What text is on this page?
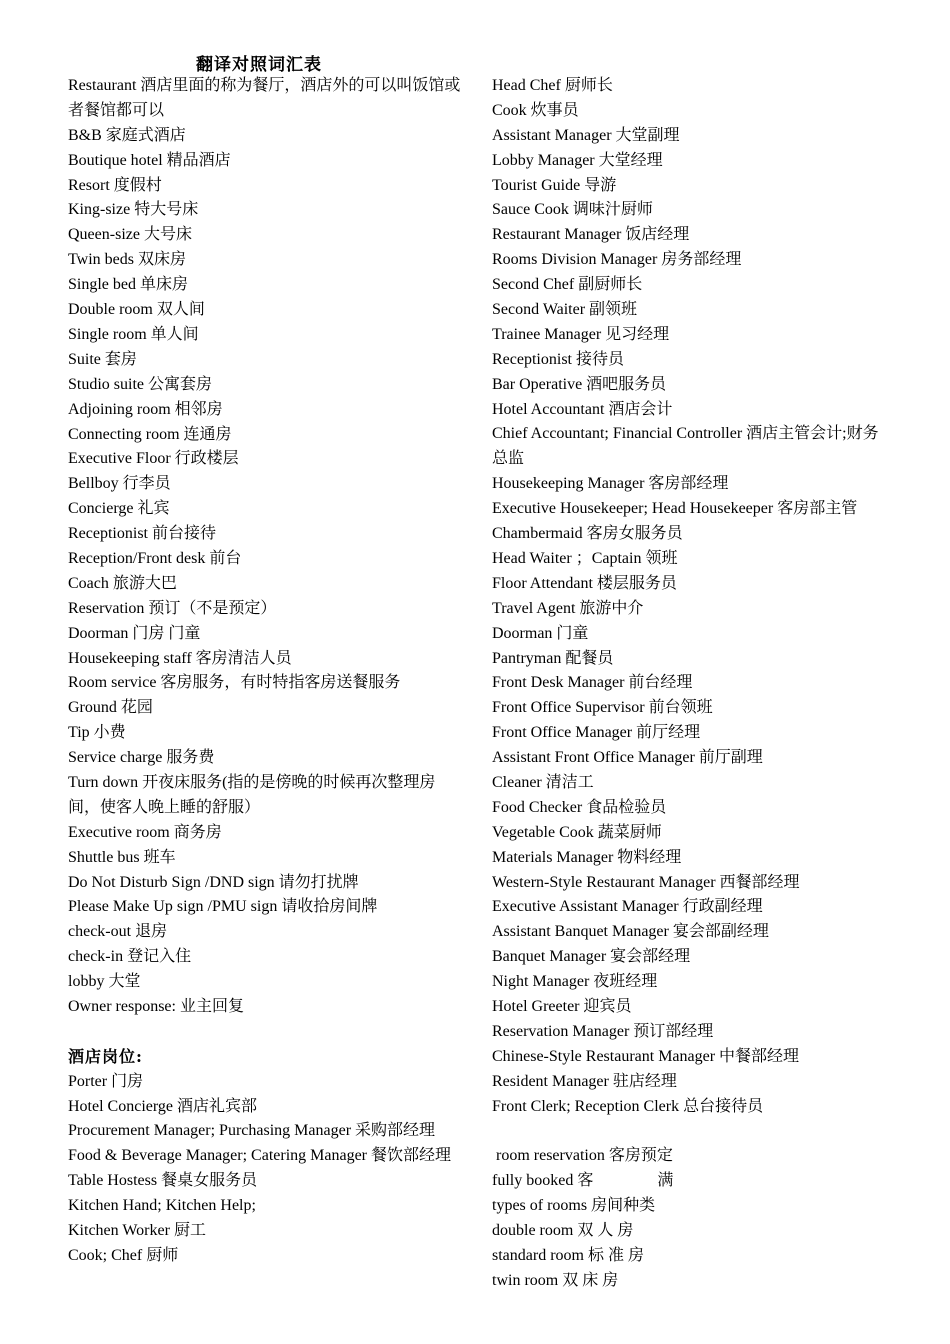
翻译对照词汇表
Restaurant 酒店里面的称为餐厅，酒店外的可以叫饭馆或者餐馆都可以
B&B 家庭式酒店
Boutique hotel 精品酒店
Resort 度假村
King-size 特大号床
Queen-size 大号床
Twin beds 双床房
Single bed 单床房
Double room 双人间
Single room 单人间
Suite 套房
Studio suite 公寓套房
Adjoining room 相邻房
Connecting room 连通房
Executive Floor 行政楼层
Bellboy 行李员
Concierge 礼宾
Receptionist 前台接待
Reception/Front desk 前台
Coach 旅游大巴
Reservation 预订（不是预定）
Doorman 门房 门童
Housekeeping staff 客房清洁人员
Room service 客房服务，有时特指客房送餐服务
Ground 花园
Tip 小费
Service charge 服务费
Turn down 开夜床服务(指的是傍晚的时候再次整理房间，使客人晚上睡的舒服）
Executive room 商务房
Shuttle bus 班车
Do Not Disturb Sign /DND sign 请勿打扰牌
Please Make Up sign /PMU sign 请收拾房间牌
check-out 退房
check-in 登记入住
lobby 大堂
Owner response: 业主回复
酒店岗位:
Porter 门房
Hotel Concierge 酒店礼宾部
Procurement Manager; Purchasing Manager 采购部经理
Food & Beverage Manager; Catering Manager 餐饮部经理
Table Hostess 餐桌女服务员
Kitchen Hand; Kitchen Help;
Kitchen Worker 厨工
Cook; Chef 厨师
Head Chef 厨师长
Cook 炊事员
Assistant Manager 大堂副理
Lobby Manager 大堂经理
Tourist Guide 导游
Sauce Cook 调味汁厨师
Restaurant Manager 饭店经理
Rooms Division Manager 房务部经理
Second Chef 副厨师长
Second Waiter 副领班
Trainee Manager 见习经理
Receptionist 接待员
Bar Operative 酒吧服务员
Hotel Accountant 酒店会计
Chief Accountant; Financial Controller 酒店主管会计;财务总监
Housekeeping Manager 客房部经理
Executive Housekeeper; Head Housekeeper 客房部主管
Chambermaid 客房女服务员
Head Waiter ；Captain 领班
Floor Attendant 楼层服务员
Travel Agent 旅游中介
Doorman 门童
Pantryman 配餐员
Front Desk Manager 前台经理
Front Office Supervisor 前台领班
Front Office Manager 前厅经理
Assistant Front Office Manager 前厅副理
Cleaner 清洁工
Food Checker 食品检验员
Vegetable Cook 蔬菜厨师
Materials Manager 物料经理
Western-Style Restaurant Manager 西餐部经理
Executive Assistant Manager 行政副经理
Assistant Banquet Manager 宴会部副经理
Banquet Manager 宴会部经理
Night Manager 夜班经理
Hotel Greeter 迎宾员
Reservation Manager 预订部经理
Chinese-Style Restaurant Manager 中餐部经理
Resident Manager 驻店经理
Front Clerk; Reception Clerk 总台接待员
room reservation 客房预定
fully booked 客　　　　满
types of rooms 房间种类
double room 双 人 房
standard room 标 准 房
twin room 双 床 房
